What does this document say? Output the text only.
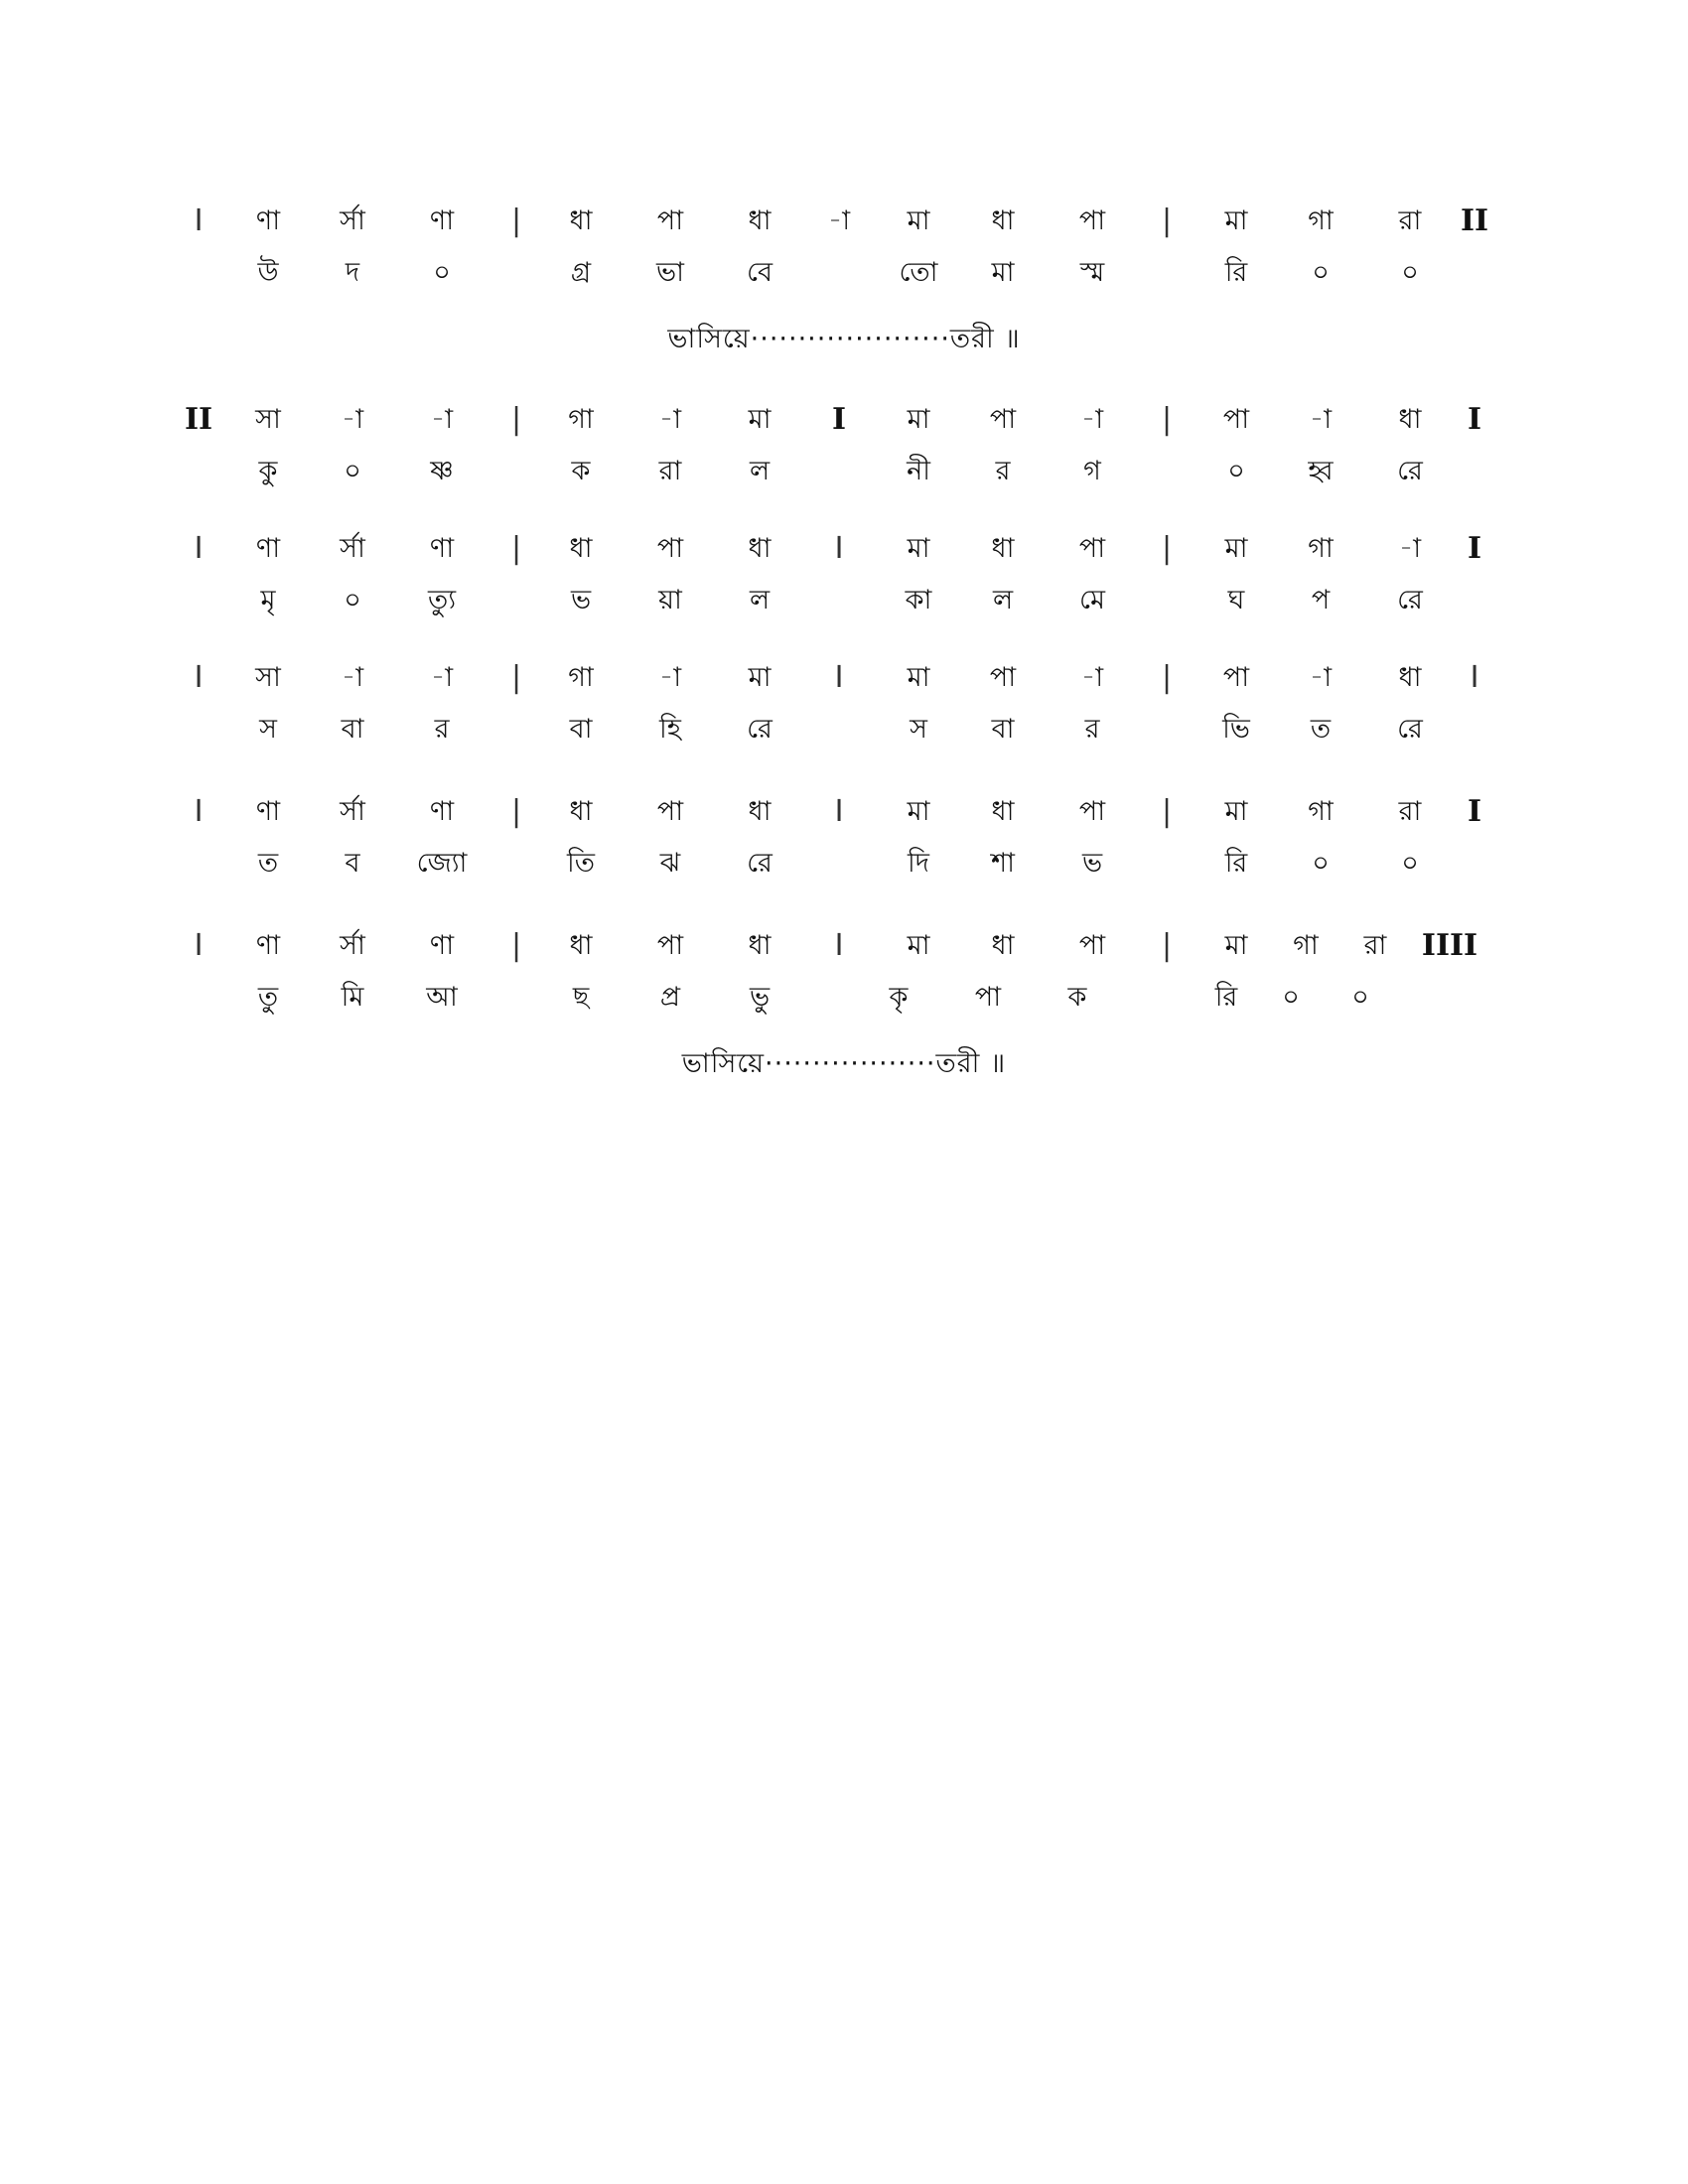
I	ণা	র্সা	ণা	|	ধা	পা	ধা	-া	মা	ধা	পা	|	মা	গা	রা	II
উ	দ	০	গ্র	ভা	বে	তো	মা	স্ম	রি	০	০
ভাসিয়ে·····················তরী ॥
II	সা	-া	-া	|	গা	-া	মা	I	মা	পা	-া	|	পা	-া	ধা	I
কু	০	ষ্ণ	ক	রা	ল	নী	র	গ	০	হ্ব	রে
I	ণা	র্সা	ণা	|	ধা	পা	ধা	I	মা	ধা	পা	|	মা	গা	-া	I
মৃ	০	ত্যু	ভ	য়া	ল	কা	ল	মে	ঘ	প	রে
I	সা	-া	-া	|	গা	-া	মা	I	মা	পা	-া	|	পা	-া	ধা	I
স	বা	র	বা	হি	রে	স	বা	র	ভি	ত	রে
I	ণা	র্সা	ণা	|	ধা	পা	ধা	I	মা	ধা	পা	|	মা	গা	রা	I
ত	ব	জ্যো	তি	ঝ	রে	দি	শা	ভ	রি	০	০
I	ণা	র্সা	ণা	|	ধা	পা	ধা	I	মা	ধা	পা	|	মা	গা	রা	IIII
তু	মি	আ	ছ	প্র	ভু	কৃ	পা	ক	রি	০	০
ভাসিয়ে··················তরী ॥
